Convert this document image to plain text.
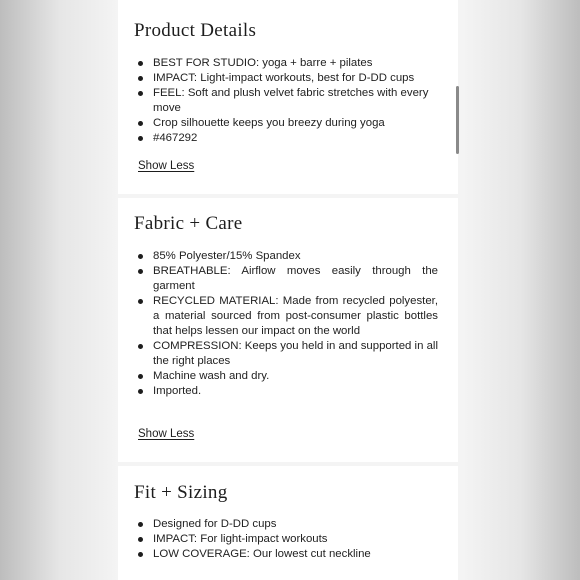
Product Details
BEST FOR STUDIO: yoga + barre + pilates
IMPACT: Light-impact workouts, best for D-DD cups
FEEL: Soft and plush velvet fabric stretches with every move
Crop silhouette keeps you breezy during yoga
#467292
Show Less
Fabric + Care
85% Polyester/15% Spandex
BREATHABLE: Airflow moves easily through the garment
RECYCLED MATERIAL: Made from recycled polyester, a material sourced from post-consumer plastic bottles that helps lessen our impact on the world
COMPRESSION: Keeps you held in and supported in all the right places
Machine wash and dry.
Imported.
Show Less
Fit + Sizing
Designed for D-DD cups
IMPACT: For light-impact workouts
LOW COVERAGE: Our lowest cut neckline
